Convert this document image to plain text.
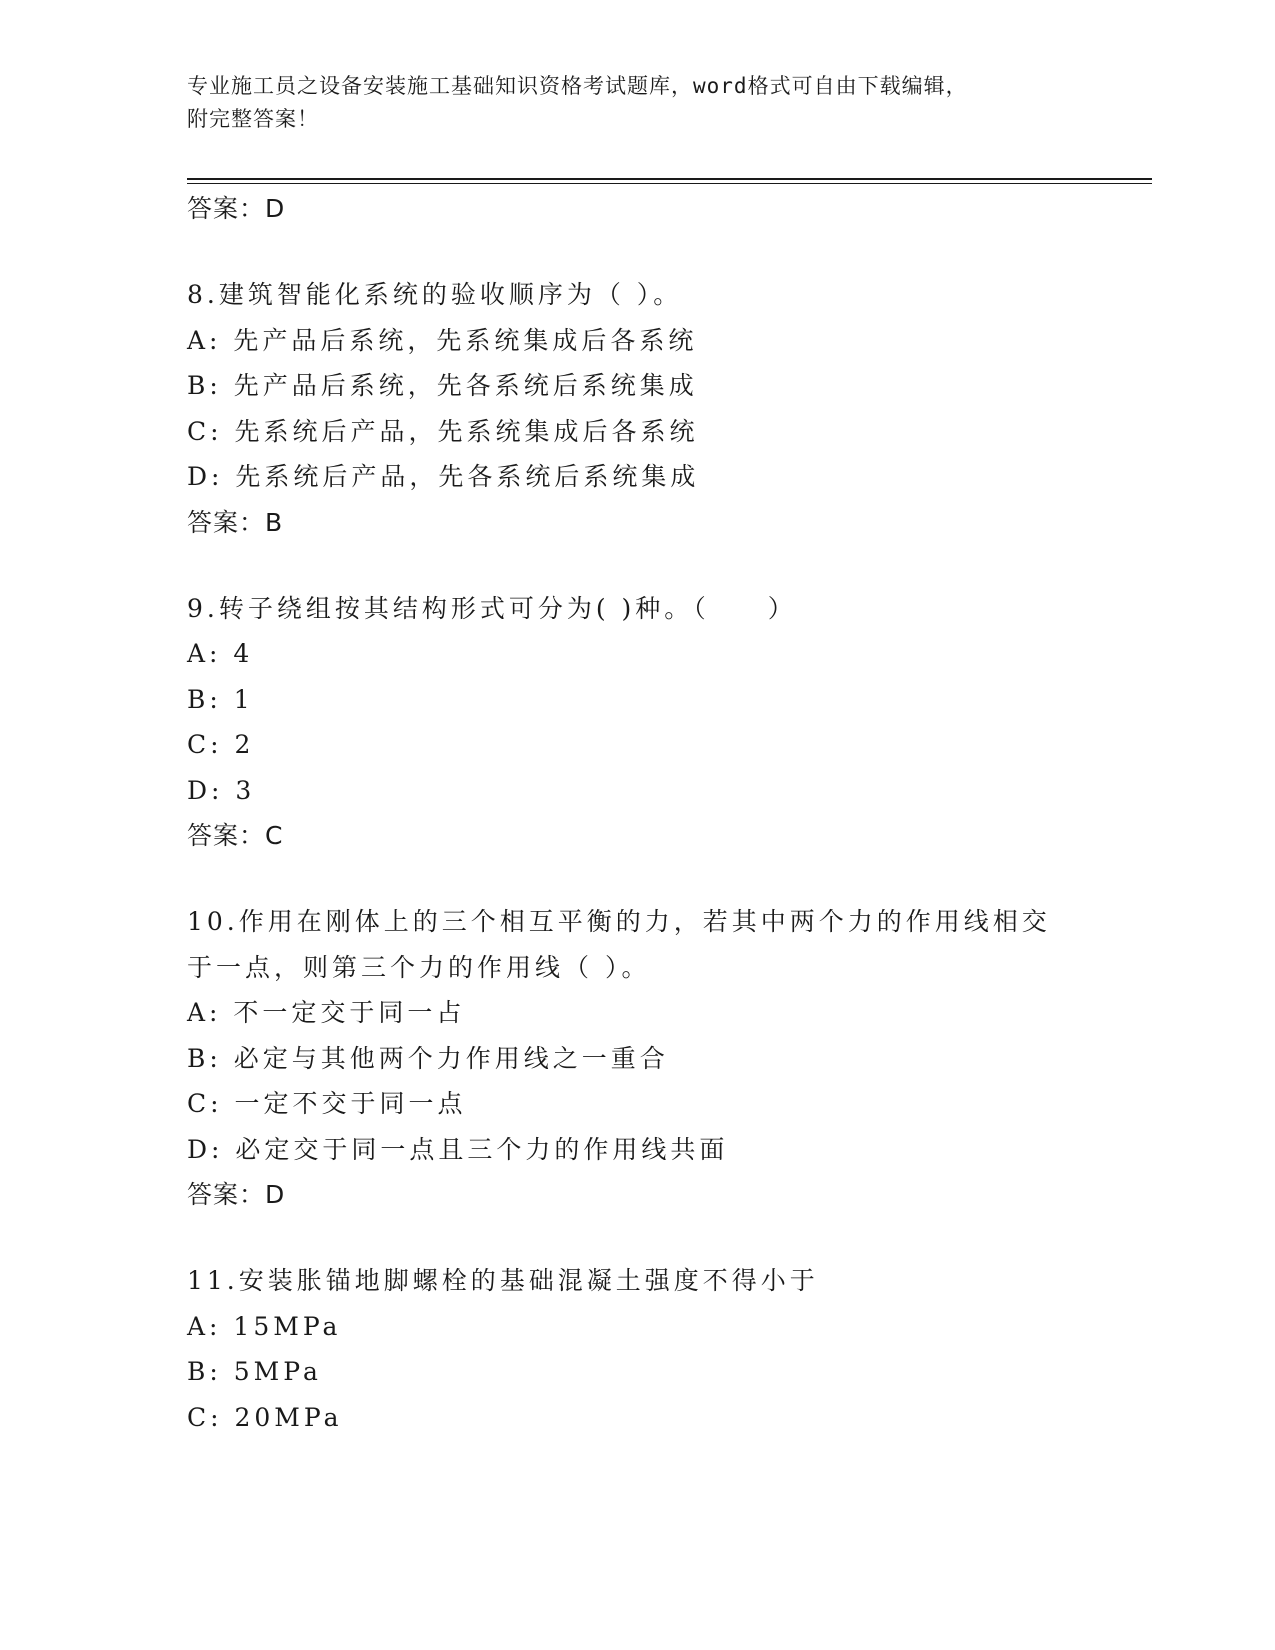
专业施工员之设备安装施工基础知识资格考试题库，word格式可自由下载编辑，
附完整答案！

答案：D

8.建筑智能化系统的验收顺序为（ ）。

A: 先产品后系统，先系统集成后各系统

B: 先产品后系统，先各系统后系统集成

C: 先系统后产品，先系统集成后各系统

D: 先系统后产品，先各系统后系统集成

答案：B

9.转子绕组按其结构形式可分为( )种。（　　）

A: 4

B: 1

C: 2

D: 3

答案：C

10.作用在刚体上的三个相互平衡的力，若其中两个力的作用线相交于一点，则第三个力的作用线（ ）。

A: 不一定交于同一占

B: 必定与其他两个力作用线之一重合

C: 一定不交于同一点

D: 必定交于同一点且三个力的作用线共面

答案：D

11.安装胀锚地脚螺栓的基础混凝土强度不得小于

A: 15MPa

B: 5MPa

C: 20MPa
